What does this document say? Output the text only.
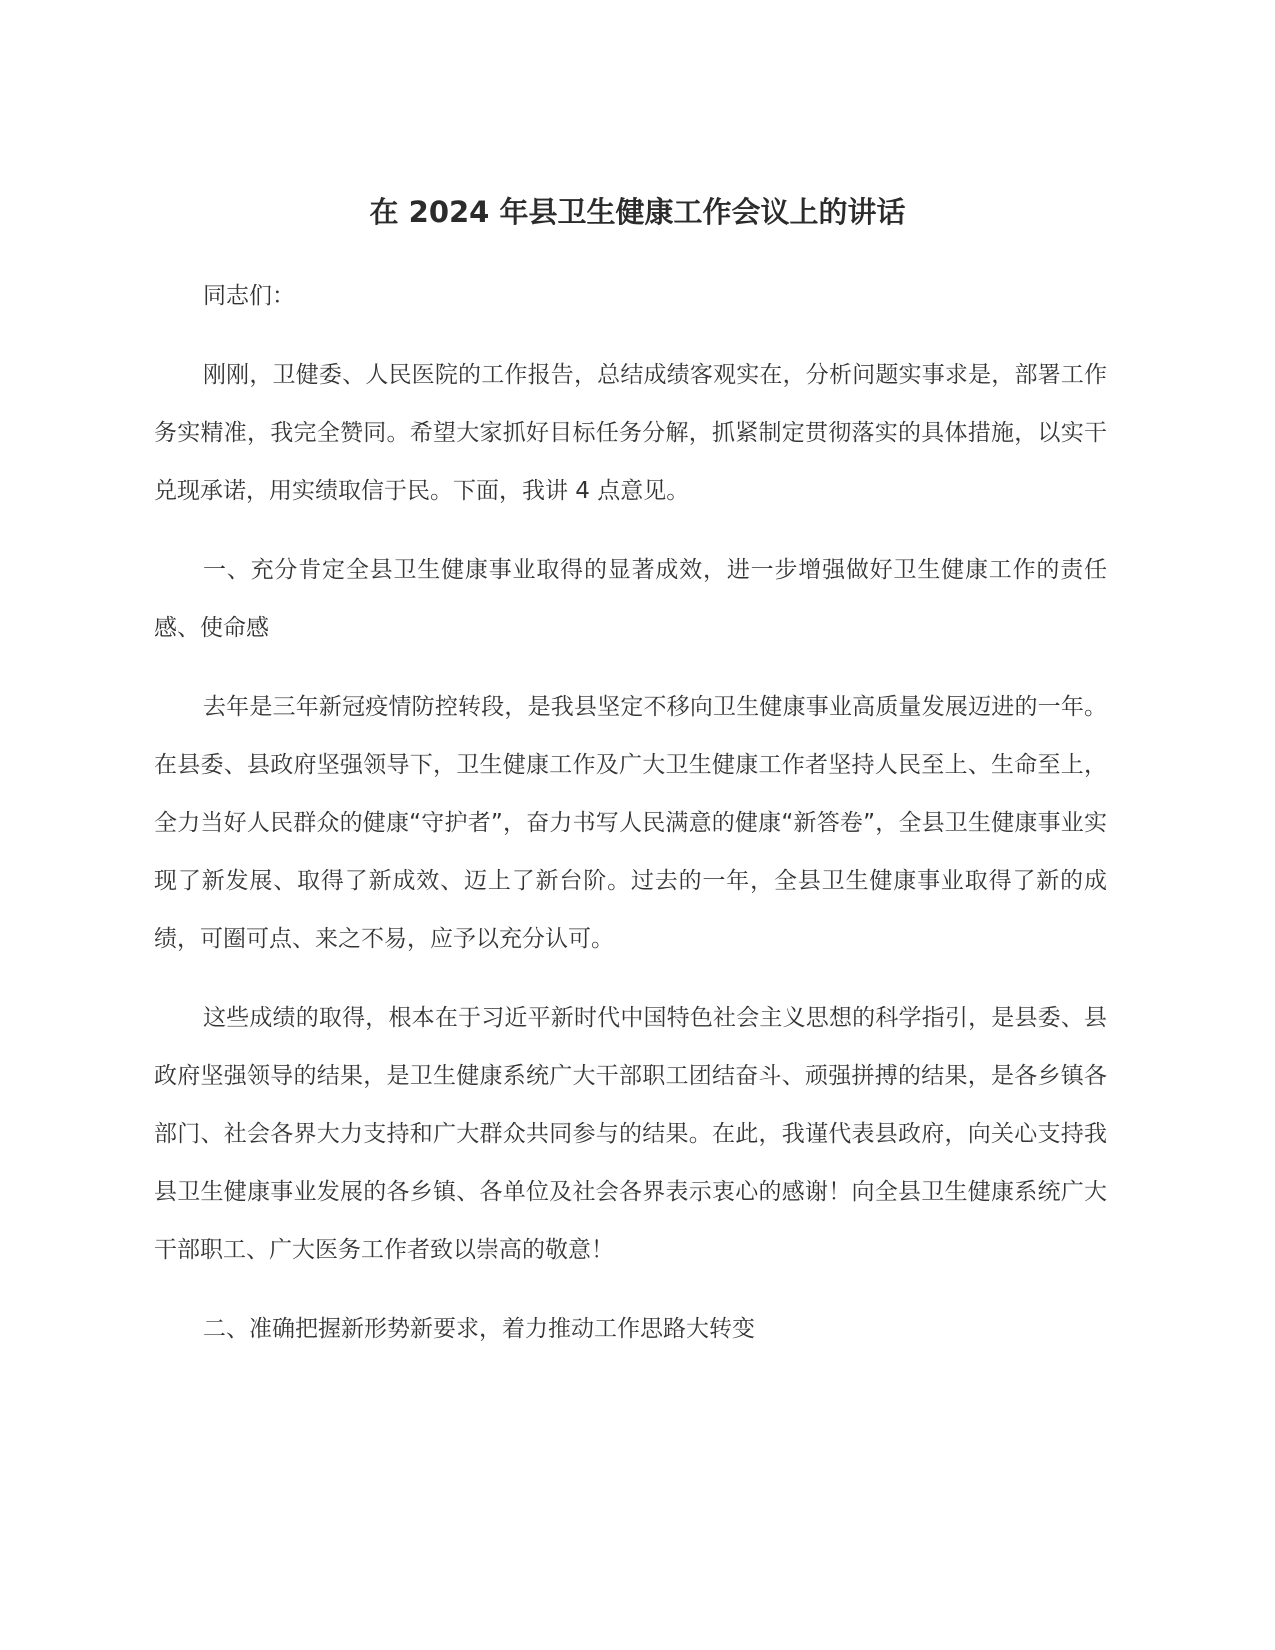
在 2024 年县卫生健康工作会议上的讲话

同志们：

刚刚，卫健委、人民医院的工作报告，总结成绩客观实在，分析问题实事求是，部署工作务实精准，我完全赞同。希望大家抓好目标任务分解，抓紧制定贯彻落实的具体措施，以实干兑现承诺，用实绩取信于民。下面，我讲 4 点意见。

一、充分肯定全县卫生健康事业取得的显著成效，进一步增强做好卫生健康工作的责任感、使命感

去年是三年新冠疫情防控转段，是我县坚定不移向卫生健康事业高质量发展迈进的一年。在县委、县政府坚强领导下，卫生健康工作及广大卫生健康工作者坚持人民至上、生命至上，全力当好人民群众的健康“守护者”，奋力书写人民满意的健康“新答卷”，全县卫生健康事业实现了新发展、取得了新成效、迈上了新台阶。过去的一年，全县卫生健康事业取得了新的成绩，可圈可点、来之不易，应予以充分认可。

这些成绩的取得，根本在于习近平新时代中国特色社会主义思想的科学指引，是县委、县政府坚强领导的结果，是卫生健康系统广大干部职工团结奋斗、顽强拼搏的结果，是各乡镇各部门、社会各界大力支持和广大群众共同参与的结果。在此，我谨代表县政府，向关心支持我县卫生健康事业发展的各乡镇、各单位及社会各界表示衷心的感谢！向全县卫生健康系统广大干部职工、广大医务工作者致以崇高的敬意！

二、准确把握新形势新要求，着力推动工作思路大转变
